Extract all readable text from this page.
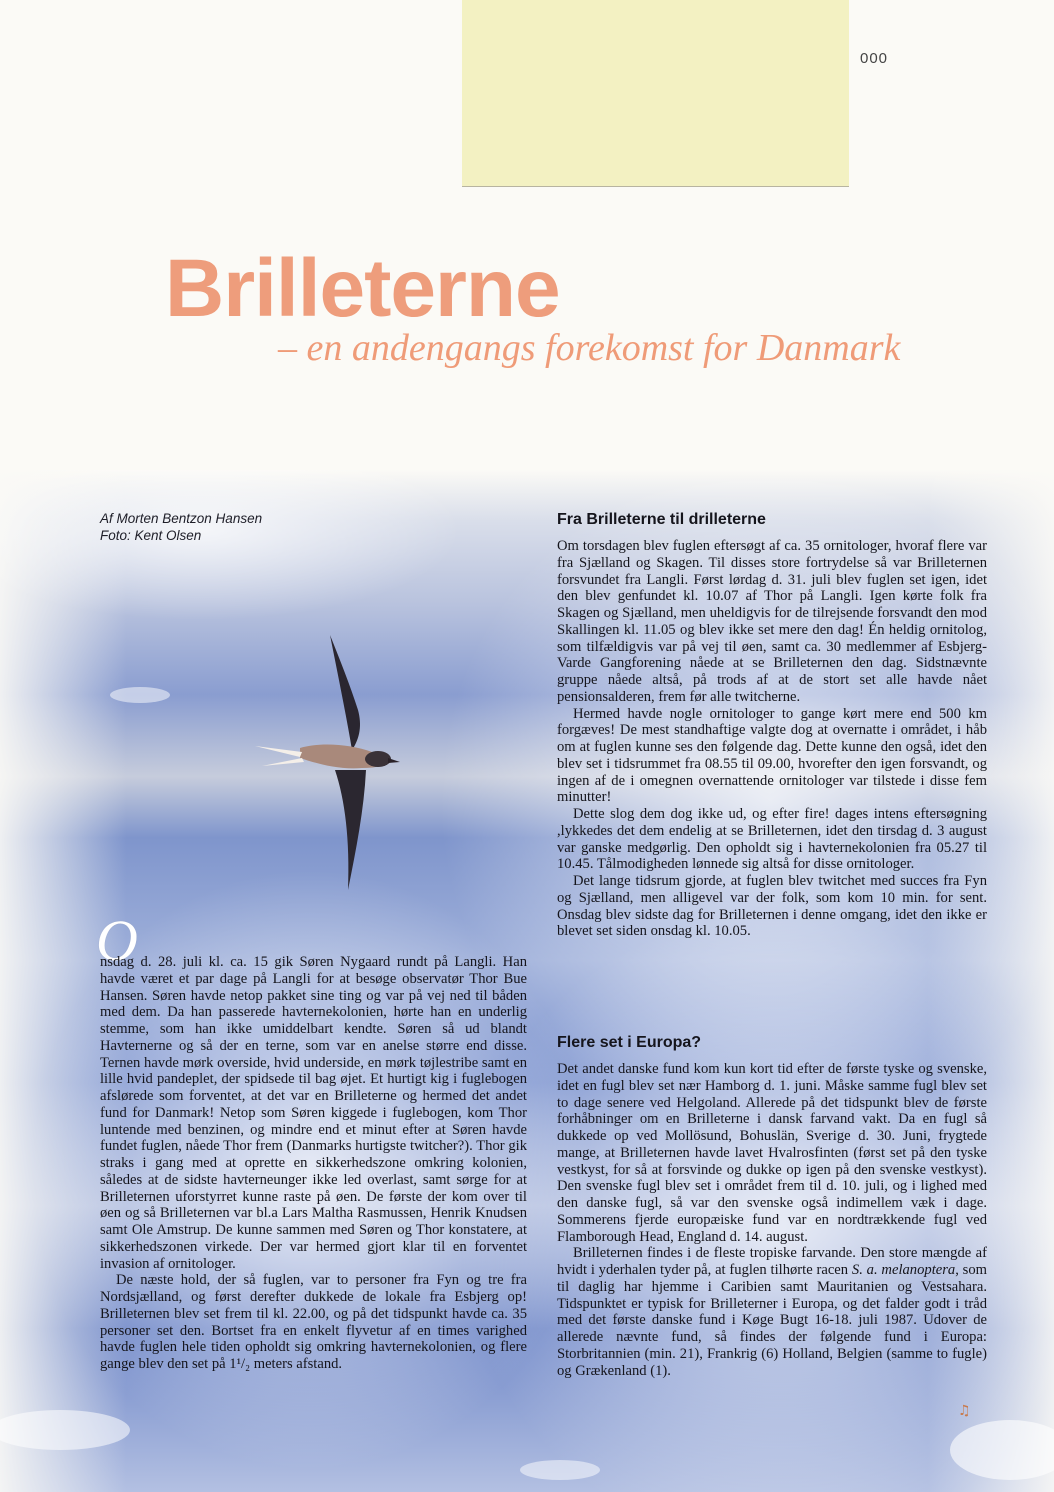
000
Brilleterne
– en andengangs forekomst for Danmark
Af Morten Bentzon Hansen
Foto: Kent Olsen
O

nsdag d. 28. juli kl. ca. 15 gik Søren Nygaard rundt på Langli. Han havde været et par dage på Langli for at besøge observatør Thor Bue Hansen. Søren havde netop pakket sine ting og var på vej ned til båden med dem. Da han passerede havternekolonien, hørte han en underlig stemme, som han ikke umiddelbart kendte. Søren så ud blandt Havternerne og så der en terne, som var en anelse større end disse. Ternen havde mørk overside, hvid underside, en mørk tøjlestribe samt en lille hvid pandeplet, der spidsede til bag øjet. Et hurtigt kig i fuglebogen afslørede som forventet, at det var en Brilleterne og hermed det andet fund for Danmark! Netop som Søren kiggede i fuglebogen, kom Thor luntende med benzinen, og mindre end et minut efter at Søren havde fundet fuglen, nåede Thor frem (Danmarks hurtigste twitcher?). Thor gik straks i gang med at oprette en sikkerhedszone omkring kolonien, således at de sidste havterneunger ikke led overlast, samt sørge for at Brilleternen uforstyrret kunne raste på øen. De første der kom over til øen og så Brilleternen var bl.a Lars Maltha Rasmussen, Henrik Knudsen samt Ole Amstrup. De kunne sammen med Søren og Thor konstatere, at sikkerhedszonen virkede. Der var hermed gjort klar til en forventet invasion af ornitologer.

De næste hold, der så fuglen, var to personer fra Fyn og tre fra Nordsjælland, og først derefter dukkede de lokale fra Esbjerg op! Brilleternen blev set frem til kl. 22.00, og på det tidspunkt havde ca. 35 personer set den. Bortset fra en enkelt flyvetur af en times varighed havde fuglen hele tiden opholdt sig omkring havternekolonien, og flere gange blev den set på 1¹/₂ meters afstand.

Fra Brilleterne til drilleterne

Om torsdagen blev fuglen eftersøgt af ca. 35 ornitologer, hvoraf flere var fra Sjælland og Skagen. Til disses store fortrydelse så var Brilleternen forsvundet fra Langli. Først lørdag d. 31. juli blev fuglen set igen, idet den blev genfundet kl. 10.07 af Thor på Langli. Igen kørte folk fra Skagen og Sjælland, men uheldigvis for de tilrejsende forsvandt den mod Skallingen kl. 11.05 og blev ikke set mere den dag! Én heldig ornitolog, som tilfældigvis var på vej til øen, samt ca. 30 medlemmer af Esbjerg- Varde Gangforening nåede at se Brilleternen den dag. Sidstnævnte gruppe nåede altså, på trods af at de stort set alle havde nået pensionsalderen, frem før alle twitcherne.

Hermed havde nogle ornitologer to gange kørt mere end 500 km forgæves! De mest standhaftige valgte dog at overnatte i området, i håb om at fuglen kunne ses den følgende dag. Dette kunne den også, idet den blev set i tidsrummet fra 08.55 til 09.00, hvorefter den igen forsvandt, og ingen af de i omegnen overnattende ornitologer var tilstede i disse fem minutter!

Dette slog dem dog ikke ud, og efter fire! dages intens eftersøgning ,lykkedes det dem endelig at se Brilleternen, idet den tirsdag d. 3 august var ganske medgørlig. Den opholdt sig i havternekolonien fra 05.27 til 10.45. Tålmodigheden lønnede sig altså for disse ornitologer.

Det lange tidsrum gjorde, at fuglen blev twitchet med succes fra Fyn og Sjælland, men alligevel var der folk, som kom 10 min. for sent. Onsdag blev sidste dag for Brilleternen i denne omgang, idet den ikke er blevet set siden onsdag kl. 10.05.

Flere set i Europa?

Det andet danske fund kom kun kort tid efter de første tyske og svenske, idet en fugl blev set nær Hamborg d. 1. juni. Måske samme fugl blev set to dage senere ved Helgoland. Allerede på det tidspunkt blev de første forhåbninger om en Brilleterne i dansk farvand vakt. Da en fugl så dukkede op ved Mollösund, Bohuslän, Sverige d. 30. Juni, frygtede mange, at Brilleternen havde lavet Hvalrosfinten (først set på den tyske vestkyst, for så at forsvinde og dukke op igen på den svenske vestkyst). Den svenske fugl blev set i området frem til d. 10. juli, og i lighed med den danske fugl, så var den svenske også indimellem væk i dage. Sommerens fjerde europæiske fund var en nordtrækkende fugl ved Flamborough Head, England d. 14. august.

Brilleternen findes i de fleste tropiske farvande. Den store mængde af hvidt i yderhalen tyder på, at fuglen tilhørte racen S. a. melanoptera, som til daglig har hjemme i Caribien samt Mauritanien og Vestsahara. Tidspunktet er typisk for Brilleterner i Europa, og det falder godt i tråd med det første danske fund i Køge Bugt 16-18. juli 1987. Udover de allerede nævnte fund, så findes der følgende fund i Europa: Storbritannien (min. 21), Frankrig (6) Holland, Belgien (samme to fugle) og Grækenland (1).

♫
